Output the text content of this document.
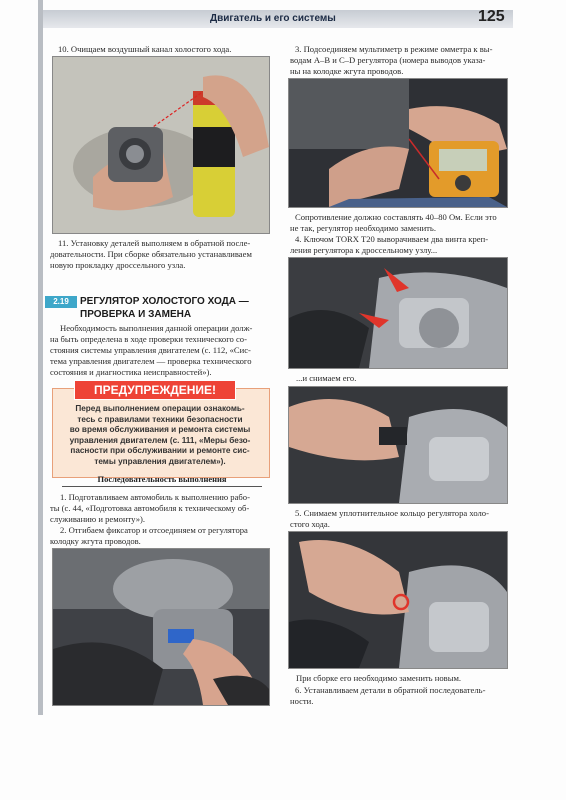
Двигатель и его системы	125
10. Очищаем воздушный канал холостого хода.
11. Установку деталей выполняем в обратной после-
довательности. При сборке обязательно устанавливаем
новую прокладку дроссельного узла.
2.19	РЕГУЛЯТОР ХОЛОСТОГО ХОДА —
ПРОВЕРКА И ЗАМЕНА
Необходимость выполнения данной операции долж-
на быть определена в ходе проверки технического со-
стояния системы управления двигателем (с. 112, «Сис-
тема управления двигателем — проверка технического
состояния и диагностика неисправностей»).
ПРЕДУПРЕЖДЕНИЕ!
Перед выполнением операции ознакомь-
тесь с правилами техники безопасности
во время обслуживания и ремонта системы
управления двигателем (с. 111, «Меры безо-
пасности при обслуживании и ремонте сис-
темы управления двигателем»).
Последовательность выполнения
1. Подготавливаем автомобиль к выполнению рабо-
ты (с. 44, «Подготовка автомобиля к техническому об-
служиванию и ремонту»).
2. Отгибаем фиксатор и отсоединяем от регулятора
колодку жгута проводов.
3. Подсоединяем мультиметр в режиме омметра к вы-
водам A–B и C–D регулятора (номера выводов указа-
ны на колодке жгута проводов.
Сопротивление должно составлять 40–80 Ом. Если это
не так, регулятор необходимо заменить.
4. Ключом TORX T20 выворачиваем два винта креп-
ления регулятора к дроссельному узлу...
...и снимаем его.
5. Снимаем уплотнительное кольцо регулятора холо-
стого хода.
При сборке его необходимо заменить новым.
6. Устанавливаем детали в обратной последователь-
ности.
